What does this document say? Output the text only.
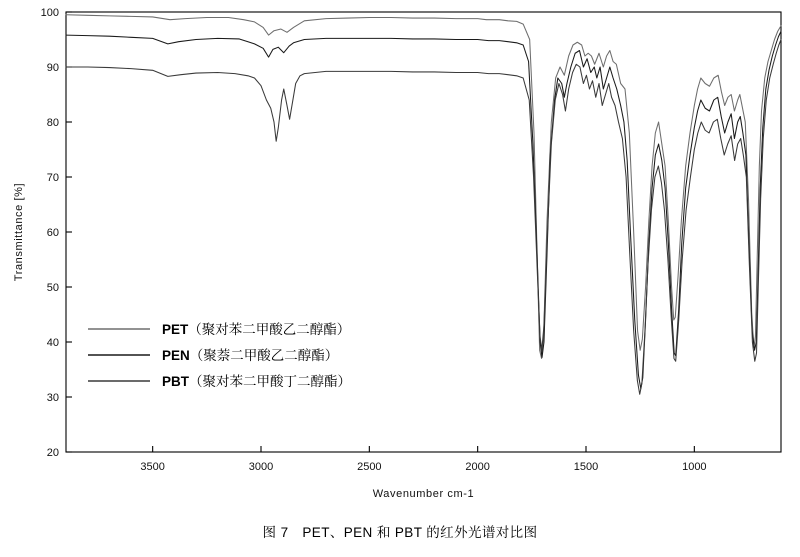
20
30
40
50
60
70
80
90
100
3500	3000	2500	2000	1500	1000
Wavenumber cm-1
Transmittance [%]
PET（聚对苯二甲酸乙二醇酯）
PEN（聚萘二甲酸乙二醇酯）
PBT（聚对苯二甲酸丁二醇酯）
图 7　PET、PEN 和 PBT 的红外光谱对比图
